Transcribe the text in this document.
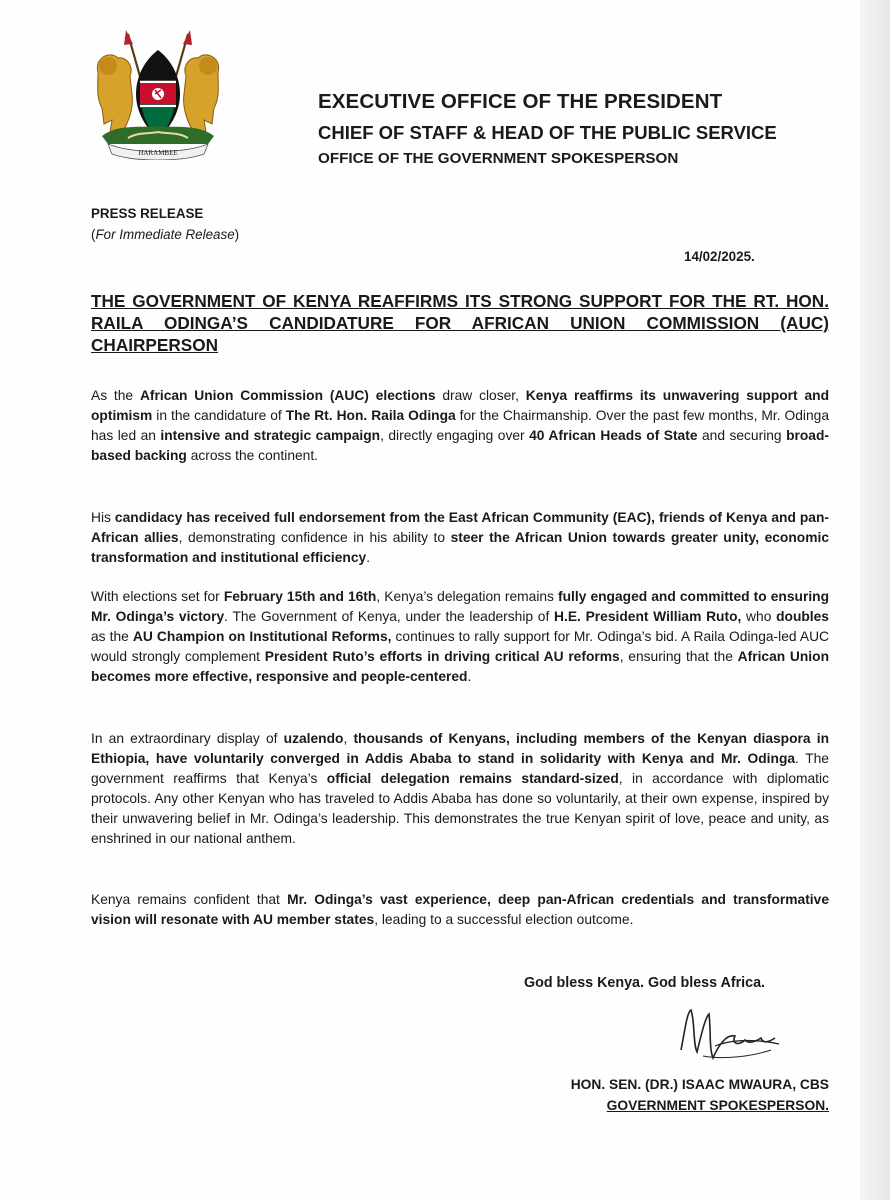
HARAMBEE
EXECUTIVE OFFICE OF THE PRESIDENT
CHIEF OF STAFF & HEAD OF THE PUBLIC SERVICE
OFFICE OF THE GOVERNMENT SPOKESPERSON
PRESS RELEASE
(For Immediate Release)
14/02/2025.
THE GOVERNMENT OF KENYA REAFFIRMS ITS STRONG SUPPORT FOR THE RT. HON. RAILA ODINGA’S CANDIDATURE FOR AFRICAN UNION COMMISSION (AUC) CHAIRPERSON

As the African Union Commission (AUC) elections draw closer, Kenya reaffirms its unwavering support and optimism in the candidature of The Rt. Hon. Raila Odinga for the Chairmanship. Over the past few months, Mr. Odinga has led an intensive and strategic campaign, directly engaging over 40 African Heads of State and securing broad-based backing across the continent.

His candidacy has received full endorsement from the East African Community (EAC), friends of Kenya and pan-African allies, demonstrating confidence in his ability to steer the African Union towards greater unity, economic transformation and institutional efficiency.

With elections set for February 15th and 16th, Kenya’s delegation remains fully engaged and committed to ensuring Mr. Odinga’s victory. The Government of Kenya, under the leadership of H.E. President William Ruto, who doubles as the AU Champion on Institutional Reforms, continues to rally support for Mr. Odinga’s bid. A Raila Odinga-led AUC would strongly complement President Ruto’s efforts in driving critical AU reforms, ensuring that the African Union becomes more effective, responsive and people-centered.

In an extraordinary display of uzalendo, thousands of Kenyans, including members of the Kenyan diaspora in Ethiopia, have voluntarily converged in Addis Ababa to stand in solidarity with Kenya and Mr. Odinga. The government reaffirms that Kenya’s official delegation remains standard-sized, in accordance with diplomatic protocols. Any other Kenyan who has traveled to Addis Ababa has done so voluntarily, at their own expense, inspired by their unwavering belief in Mr. Odinga’s leadership. This demonstrates the true Kenyan spirit of love, peace and unity, as enshrined in our national anthem.

Kenya remains confident that Mr. Odinga’s vast experience, deep pan-African credentials and transformative vision will resonate with AU member states, leading to a successful election outcome.

God bless Kenya. God bless Africa.
HON. SEN. (DR.) ISAAC MWAURA, CBS
GOVERNMENT SPOKESPERSON.
